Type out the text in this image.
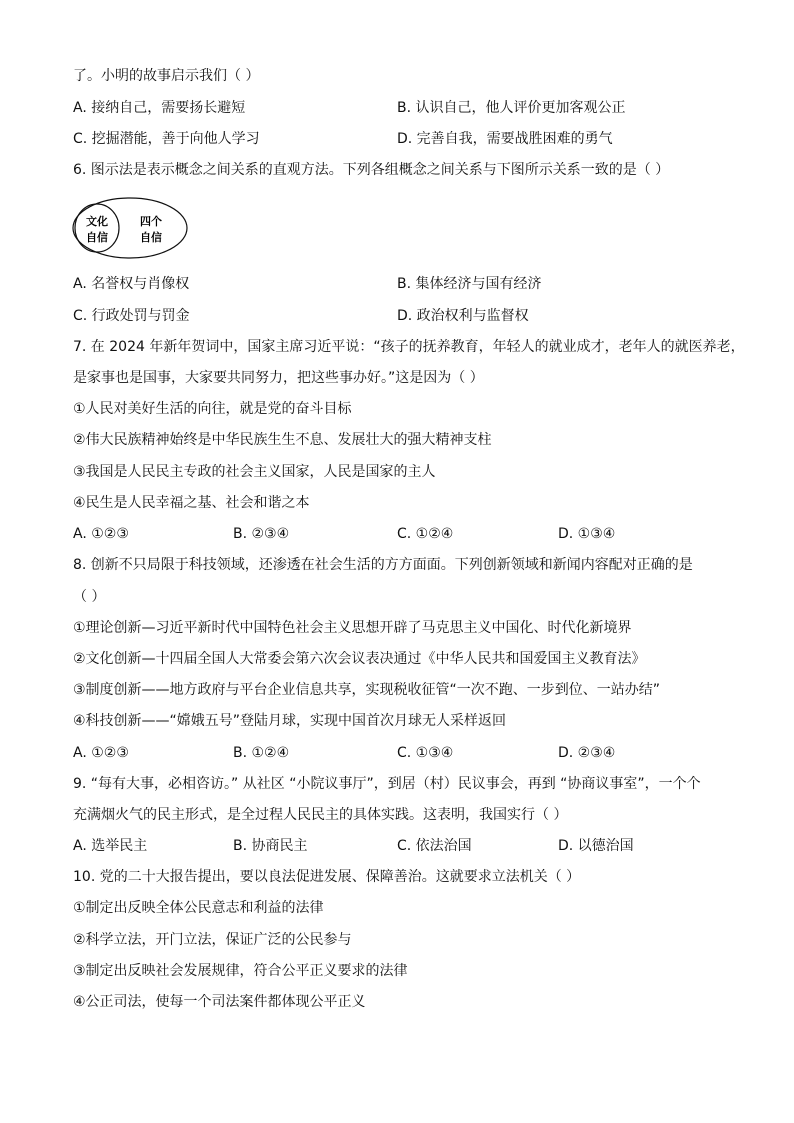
了。小明的故事启示我们（ ）
A. 接纳自己，需要扬长避短	B. 认识自己，他人评价更加客观公正
C. 挖掘潜能，善于向他人学习	D. 完善自我，需要战胜困难的勇气
6. 图示法是表示概念之间关系的直观方法。下列各组概念之间关系与下图所示关系一致的是（ ）
文化
自信
四个
自信
A. 名誉权与肖像权	B. 集体经济与国有经济
C. 行政处罚与罚金	D. 政治权利与监督权
7. 在 2024 年新年贺词中，国家主席习近平说：“孩子的抚养教育，年轻人的就业成才，老年人的就医养老，
是家事也是国事，大家要共同努力，把这些事办好。”这是因为（ ）
①人民对美好生活的向往，就是党的奋斗目标
②伟大民族精神始终是中华民族生生不息、发展壮大的强大精神支柱
③我国是人民民主专政的社会主义国家，人民是国家的主人
④民生是人民幸福之基、社会和谐之本
A. ①②③	B. ②③④	C. ①②④	D. ①③④
8. 创新不只局限于科技领域，还渗透在社会生活的方方面面。下列创新领域和新闻内容配对正确的是
（ ）
①理论创新—习近平新时代中国特色社会主义思想开辟了马克思主义中国化、时代化新境界
②文化创新—十四届全国人大常委会第六次会议表决通过《中华人民共和国爱国主义教育法》
③制度创新——地方政府与平台企业信息共享，实现税收征管“一次不跑、一步到位、一站办结”
④科技创新——“嫦娥五号”登陆月球，实现中国首次月球无人采样返回
A. ①②③	B. ①②④	C. ①③④	D. ②③④
9. “每有大事，必相咨访。” 从社区 “小院议事厅”，到居（村）民议事会，再到 “协商议事室”，一个个
充满烟火气的民主形式，是全过程人民民主的具体实践。这表明，我国实行（ ）
A. 选举民主	B. 协商民主	C. 依法治国	D. 以德治国
10. 党的二十大报告提出，要以良法促进发展、保障善治。这就要求立法机关（ ）
①制定出反映全体公民意志和利益的法律
②科学立法，开门立法，保证广泛的公民参与
③制定出反映社会发展规律，符合公平正义要求的法律
④公正司法，使每一个司法案件都体现公平正义
